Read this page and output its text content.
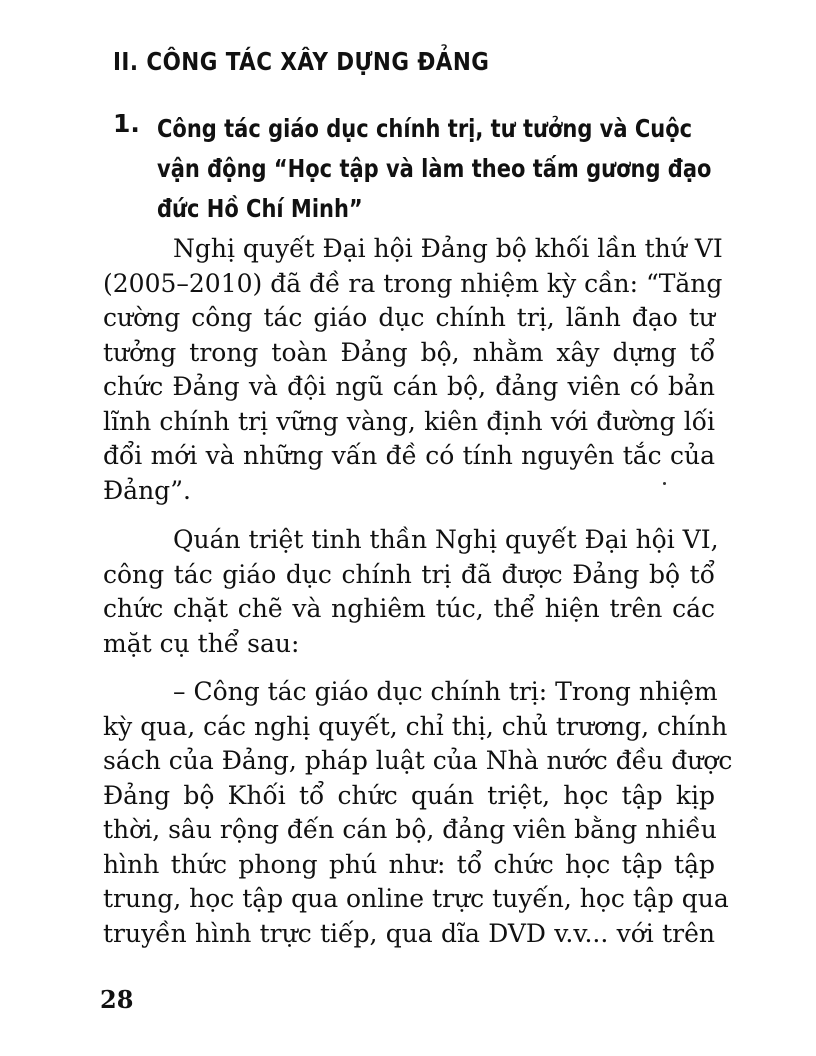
II. CÔNG TÁC XÂY DỰNG ĐẢNG
1. Công tác giáo dục chính trị, tư tưởng và Cuộc
vận động “Học tập và làm theo tấm gương đạo
đức Hồ Chí Minh”
Nghị quyết Đại hội Đảng bộ khối lần thứ VI
(2005–2010) đã đề ra trong nhiệm kỳ cần: “Tăng
cường công tác giáo dục chính trị, lãnh đạo tư
tưởng trong toàn Đảng bộ, nhằm xây dựng tổ
chức Đảng và đội ngũ cán bộ, đảng viên có bản
lĩnh chính trị vững vàng, kiên định với đường lối
đổi mới và những vấn đề có tính nguyên tắc của
Đảng”.
Quán triệt tinh thần Nghị quyết Đại hội VI,
công tác giáo dục chính trị đã được Đảng bộ tổ
chức chặt chẽ và nghiêm túc, thể hiện trên các
mặt cụ thể sau:
– Công tác giáo dục chính trị: Trong nhiệm
kỳ qua, các nghị quyết, chỉ thị, chủ trương, chính
sách của Đảng, pháp luật của Nhà nước đều được
Đảng bộ Khối tổ chức quán triệt, học tập kịp
thời, sâu rộng đến cán bộ, đảng viên bằng nhiều
hình thức phong phú như: tổ chức học tập tập
trung, học tập qua online trực tuyến, học tập qua
truyền hình trực tiếp, qua dĩa DVD v.v... với trên
28
